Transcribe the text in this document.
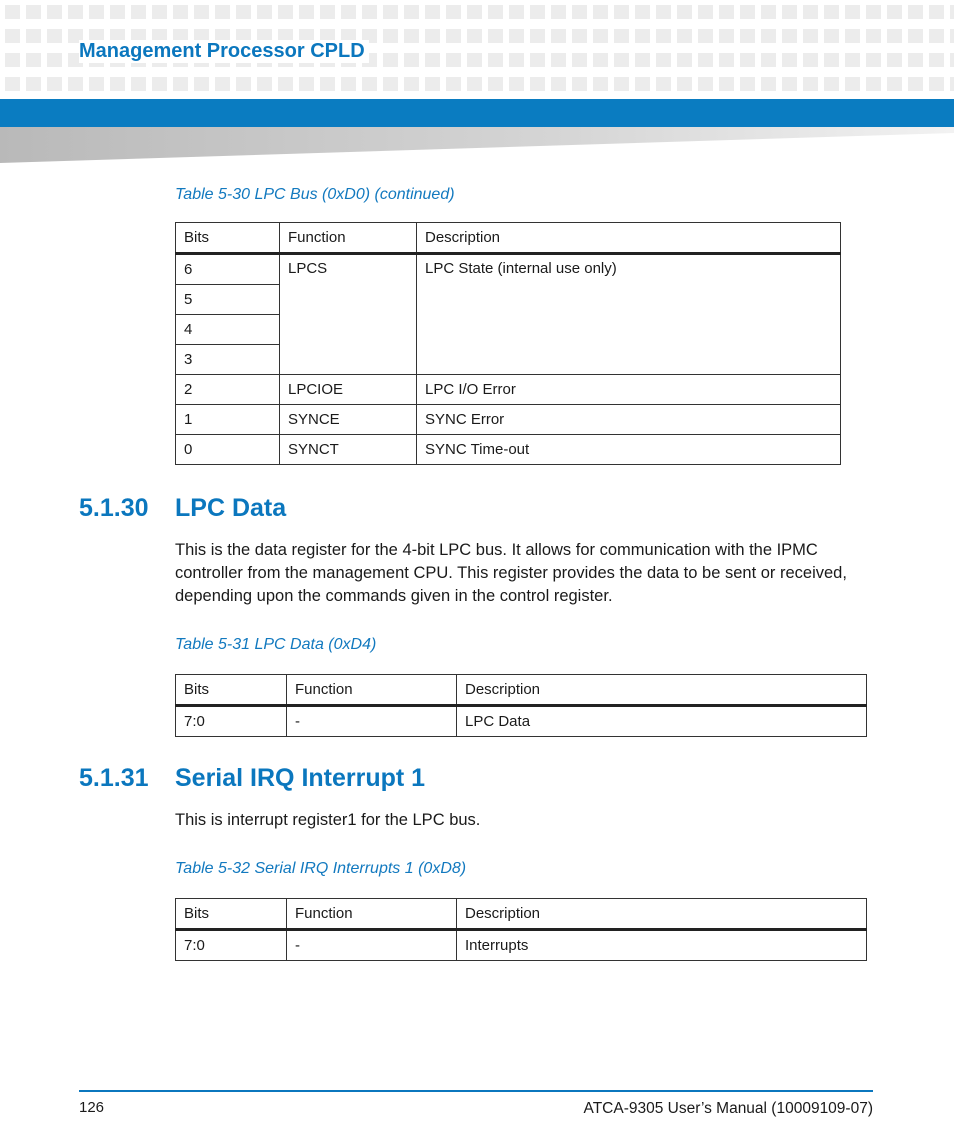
Management Processor CPLD
Table 5-30 LPC Bus (0xD0) (continued)
Bits	Function	Description
6	LPCS	LPC State (internal use only)
5		
4		
3		
2	LPCIOE	LPC I/O Error
1	SYNCE	SYNC Error
0	SYNCT	SYNC Time-out
5.1.30 LPC Data
This is the data register for the 4-bit LPC bus. It allows for communication with the IPMC controller from the management CPU. This register provides the data to be sent or received, depending upon the commands given in the control register.
Table 5-31 LPC Data (0xD4)
Bits	Function	Description
7:0	-	LPC Data
5.1.31 Serial IRQ Interrupt 1
This is interrupt register1 for the LPC bus.
Table 5-32 Serial IRQ Interrupts 1 (0xD8)
Bits	Function	Description
7:0	-	Interrupts
126	ATCA-9305 User’s Manual (10009109-07)
